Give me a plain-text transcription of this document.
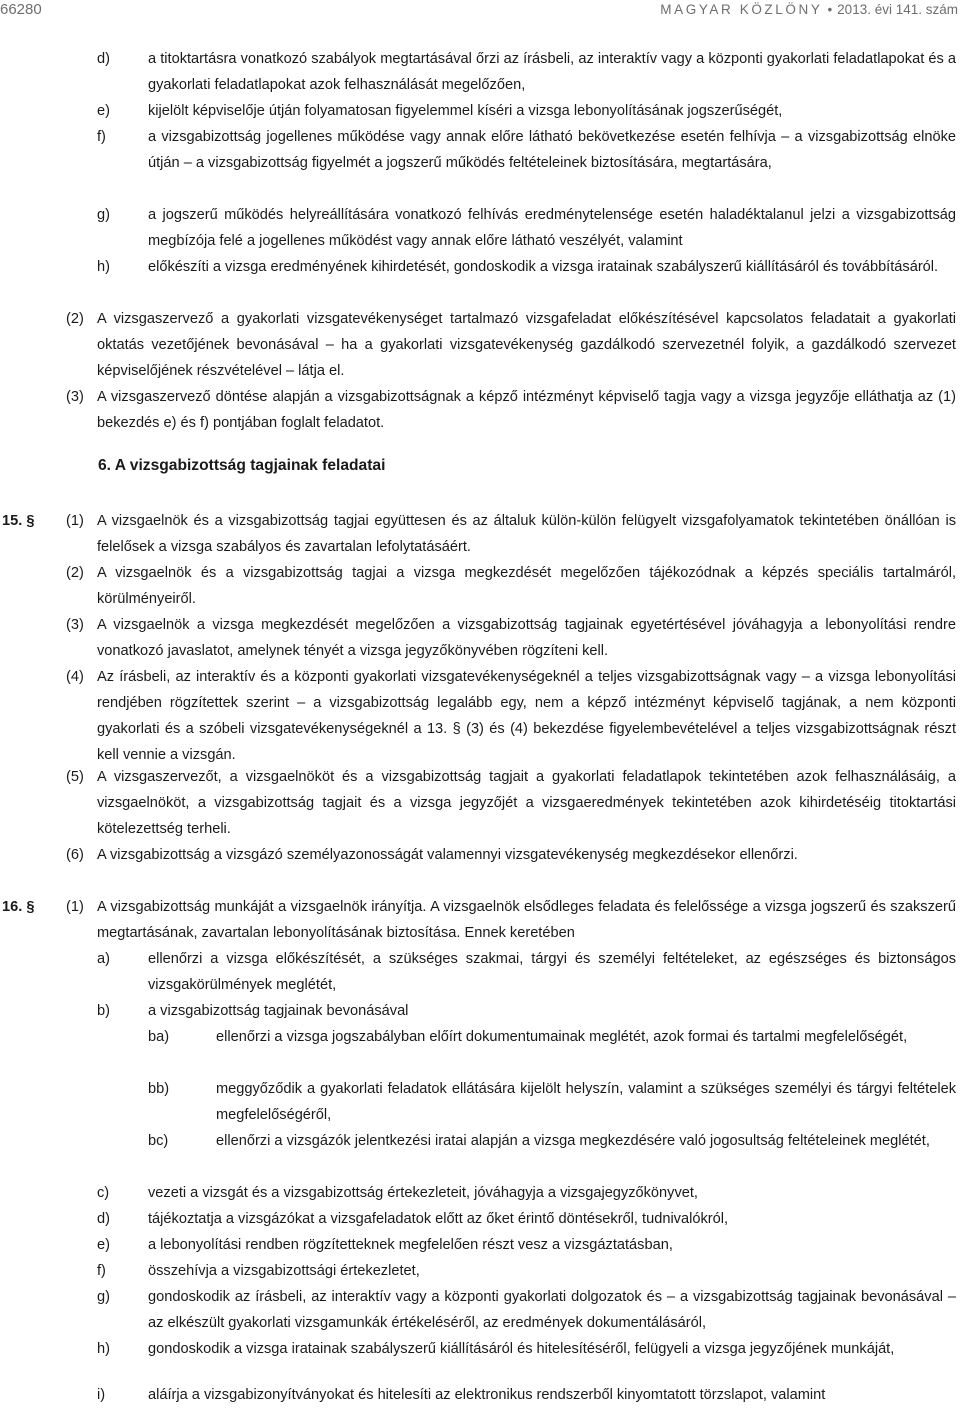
66280	MAGYAR KÖZLÖNY • 2013. évi 141. szám
d)	a titoktartásra vonatkozó szabályok megtartásával őrzi az írásbeli, az interaktív vagy a központi gyakorlati feladatlapokat és a gyakorlati feladatlapokat azok felhasználását megelőzően,
e)	kijelölt képviselője útján folyamatosan figyelemmel kíséri a vizsga lebonyolításának jogszerűségét,
f)	a vizsgabizottság jogellenes működése vagy annak előre látható bekövetkezése esetén felhívja – a vizsgabizottság elnöke útján – a vizsgabizottság figyelmét a jogszerű működés feltételeinek biztosítására, megtartására,
g)	a jogszerű működés helyreállítására vonatkozó felhívás eredménytelensége esetén haladéktalanul jelzi a vizsgabizottság megbízója felé a jogellenes működést vagy annak előre látható veszélyét, valamint
h)	előkészíti a vizsga eredményének kihirdetését, gondoskodik a vizsga iratainak szabályszerű kiállításáról és továbbításáról.
(2) A vizsgaszervező a gyakorlati vizsgatevékenységet tartalmazó vizsgafeladat előkészítésével kapcsolatos feladatait a gyakorlati oktatás vezetőjének bevonásával – ha a gyakorlati vizsgatevékenység gazdálkodó szervezetnél folyik, a gazdálkodó szervezet képviselőjének részvételével – látja el.
(3) A vizsgaszervező döntése alapján a vizsgabizottságnak a képző intézményt képviselő tagja vagy a vizsga jegyzője elláthatja az (1) bekezdés e) és f) pontjában foglalt feladatot.
6. A vizsgabizottság tagjainak feladatai
15. § (1) A vizsgaelnök és a vizsgabizottság tagjai együttesen és az általuk külön-külön felügyelt vizsgafolyamatok tekintetében önállóan is felelősek a vizsga szabályos és zavartalan lefolytatásáért.
(2) A vizsgaelnök és a vizsgabizottság tagjai a vizsga megkezdését megelőzően tájékozódnak a képzés speciális tartalmáról, körülményeiről.
(3) A vizsgaelnök a vizsga megkezdését megelőzően a vizsgabizottság tagjainak egyetértésével jóváhagyja a lebonyolítási rendre vonatkozó javaslatot, amelynek tényét a vizsga jegyzőkönyvében rögzíteni kell.
(4) Az írásbeli, az interaktív és a központi gyakorlati vizsgatevékenységeknél a teljes vizsgabizottságnak vagy – a vizsga lebonyolítási rendjében rögzítettek szerint – a vizsgabizottság legalább egy, nem a képző intézményt képviselő tagjának, a nem központi gyakorlati és a szóbeli vizsgatevékenységeknél a 13. § (3) és (4) bekezdése figyelembevételével a teljes vizsgabizottságnak részt kell vennie a vizsgán.
(5) A vizsgaszervezőt, a vizsgaelnököt és a vizsgabizottság tagjait a gyakorlati feladatlapok tekintetében azok felhasználásáig, a vizsgaelnököt, a vizsgabizottság tagjait és a vizsga jegyzőjét a vizsgaeredmények tekintetében azok kihirdetéséig titoktartási kötelezettség terheli.
(6) A vizsgabizottság a vizsgázó személyazonosságát valamennyi vizsgatevékenység megkezdésekor ellenőrzi.
16. § (1) A vizsgabizottság munkáját a vizsgaelnök irányítja. A vizsgaelnök elsődleges feladata és felelőssége a vizsga jogszerű és szakszerű megtartásának, zavartalan lebonyolításának biztosítása. Ennek keretében
a)	ellenőrzi a vizsga előkészítését, a szükséges szakmai, tárgyi és személyi feltételeket, az egészséges és biztonságos vizsgakörülmények meglétét,
b)	a vizsgabizottság tagjainak bevonásával
ba)	ellenőrzi a vizsga jogszabályban előírt dokumentumainak meglétét, azok formai és tartalmi megfelelőségét,
bb)	meggyőződik a gyakorlati feladatok ellátására kijelölt helyszín, valamint a szükséges személyi és tárgyi feltételek megfelelőségéről,
bc)	ellenőrzi a vizsgázók jelentkezési iratai alapján a vizsga megkezdésére való jogosultság feltételeinek meglétét,
c)	vezeti a vizsgát és a vizsgabizottság értekezleteit, jóváhagyja a vizsgajegyzőkönyvet,
d)	tájékoztatja a vizsgázókat a vizsgafeladatok előtt az őket érintő döntésekről, tudnivalókról,
e)	a lebonyolítási rendben rögzítetteknek megfelelően részt vesz a vizsgáztatásban,
f)	összehívja a vizsgabizottsági értekezletet,
g)	gondoskodik az írásbeli, az interaktív vagy a központi gyakorlati dolgozatok és – a vizsgabizottság tagjainak bevonásával – az elkészült gyakorlati vizsgamunkák értékeléséről, az eredmények dokumentálásáról,
h)	gondoskodik a vizsga iratainak szabályszerű kiállításáról és hitelesítéséről, felügyeli a vizsga jegyzőjének munkáját,
i)	aláírja a vizsgabizonyítványokat és hitelesíti az elektronikus rendszerből kinyomtatott törzslapot, valamint
